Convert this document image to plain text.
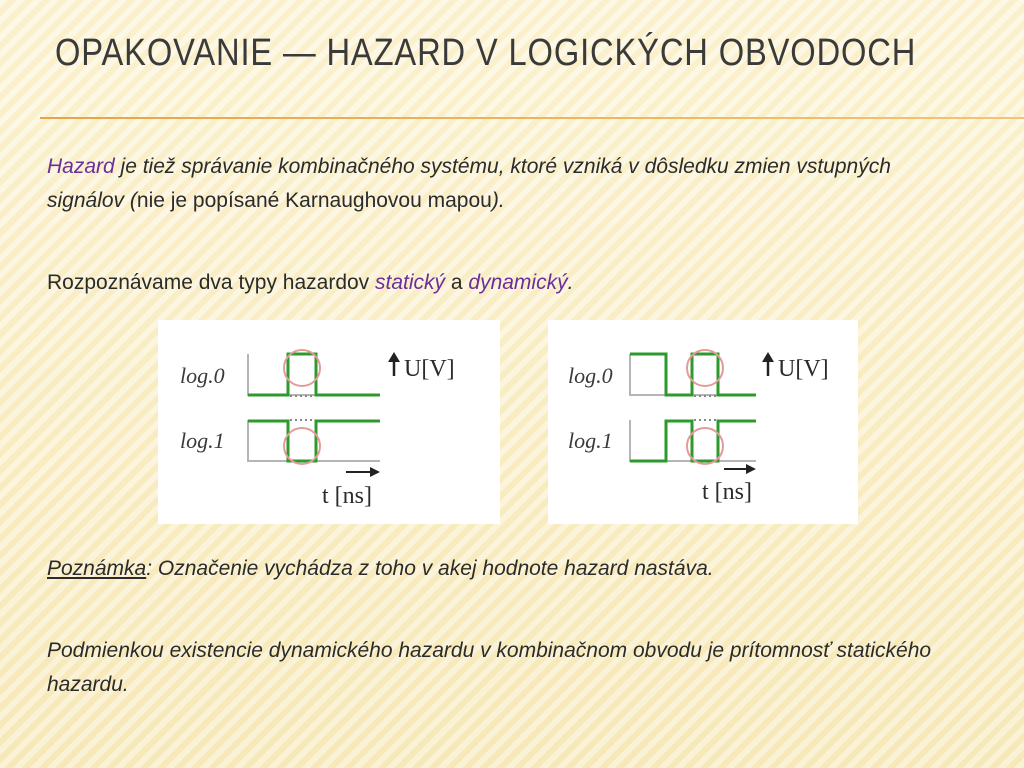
OPAKOVANIE — HAZARD V LOGICKÝCH OBVODOCH

Hazard je tiež správanie kombinačného systému, ktoré vzniká v dôsledku zmien vstupných signálov (nie je popísané Karnaughovou mapou).

Rozpoznávame dva typy hazardov statický a dynamický.

log.0
log.1
U[V]
t [ns]
log.0
log.1
U[V]
t [ns]

Poznámka: Označenie vychádza z toho v akej hodnote hazard nastáva.

Podmienkou existencie dynamického hazardu v kombinačnom obvodu je prítomnosť statického hazardu.
